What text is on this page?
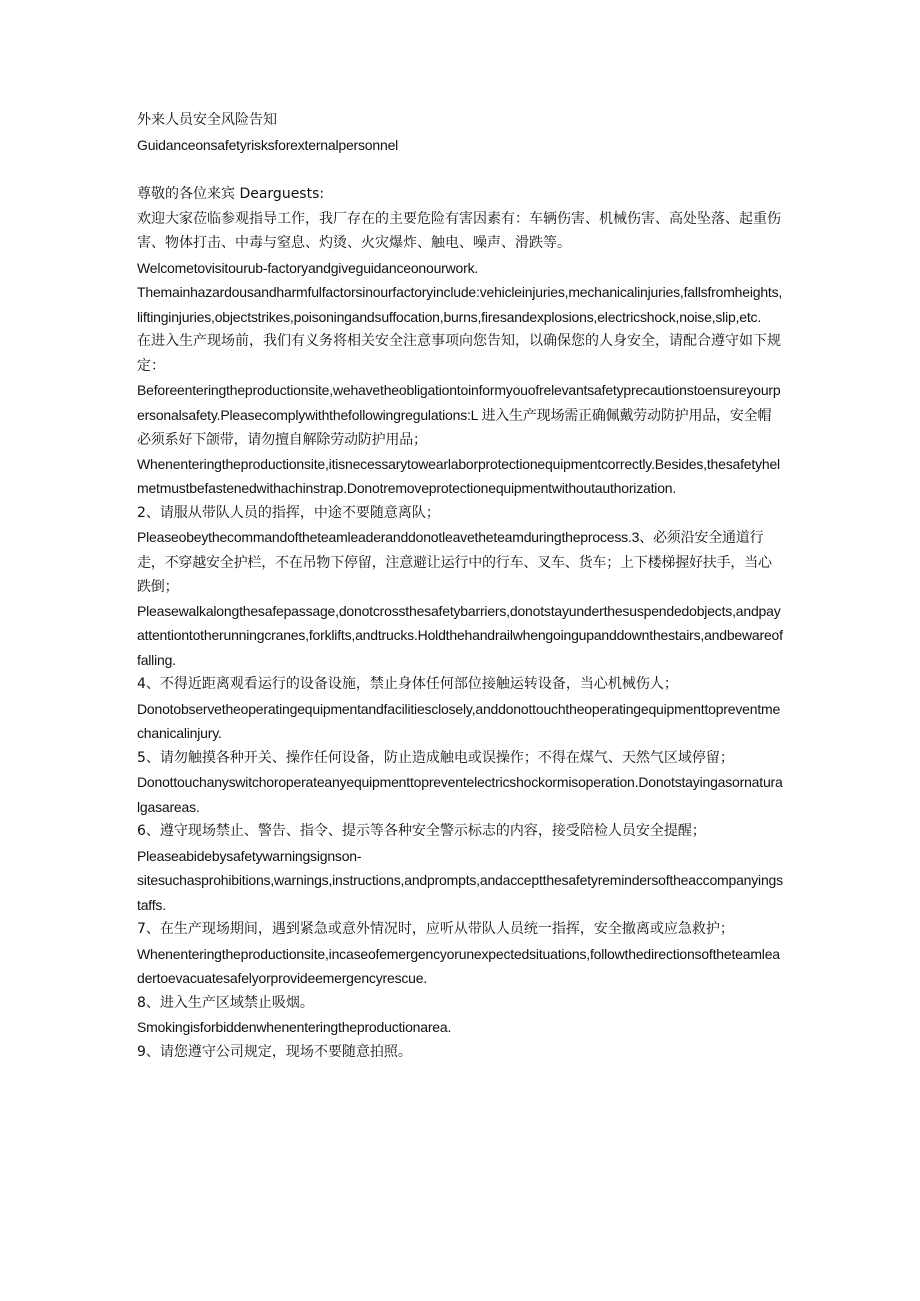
外来人员安全风险告知
Guidanceonsafetyrisksforexternalpersonnel
尊敬的各位来宾 Dearguests:
欢迎大家莅临参观指导工作，我厂存在的主要危险有害因素有：车辆伤害、机械伤害、高处坠落、起重伤害、物体打击、中毒与窒息、灼烫、火灾爆炸、触电、噪声、滑跌等。
Welcometovisitourub-factoryandgiveguidanceonourwork.
Themainhazardousandharmfulfactorsinourfactoryinclude:vehicleinjuries,mechanicalinjuries,fallsfromheights,liftinginjuries,objectstrikes,poisoningandsuffocation,burns,firesandexplosions,electricshock,noise,slip,etc.
在进入生产现场前，我们有义务将相关安全注意事项向您告知，以确保您的人身安全，请配合遵守如下规定：
Beforeenteringtheproductionsite,wehavetheobligationtoinformyouofrelevantsafetyprecautionstoensureyourpersonalsafety.Pleasecomplywiththefollowingregulations:L 进入生产现场需正确佩戴劳动防护用品，安全帽必须系好下颌带，请勿擅自解除劳动防护用品；
Whenenteringtheproductionsite,itisnecessarytowearlaborprotectionequipmentcorrectly.Besides,thesafetyhelmetmustbefastenedwithachinstrap.Donotremoveprotectionequipmentwithoutauthorization.
2、请服从带队人员的指挥，中途不要随意离队；
Pleaseobeythecommandoftheteamleaderanddonotleavetheteamduringtheprocess.3、必须沿安全通道行走，不穿越安全护栏，不在吊物下停留，注意避让运行中的行车、叉车、货车；上下楼梯握好扶手，当心跌倒；
Pleasewalkalongthesafepassage,donotcrossthesafetybarriers,donotstayunderthesuspendedobjects,andpayattentiontotherunningcranes,forklifts,andtrucks.Holdthehandrailwhengoingupanddownthestairs,andbewareoffalling.
4、不得近距离观看运行的设备设施，禁止身体任何部位接触运转设备，当心机械伤人；
Donotobservetheoperatingequipmentandfacilitiesclosely,anddonottouchtheoperatingequipmenttopreventmechanicalinjury.
5、请勿触摸各种开关、操作任何设备，防止造成触电或误操作；不得在煤气、天然气区域停留；
Donottouchanyswitchoroperateanyequipmenttopreventelectricshockormisoperation.Donotstayingasornaturalgasareas.
6、遵守现场禁止、警告、指令、提示等各种安全警示标志的内容，接受陪检人员安全提醒；
Pleaseabidebysafetywarningsignson-
sitesuchasprohibitions,warnings,instructions,andprompts,andacceptthesafetyremindersoftheaccompanyingstaffs.
7、在生产现场期间，遇到紧急或意外情况时，应听从带队人员统一指挥，安全撤离或应急救护；
Whenenteringtheproductionsite,incaseofemergencyorunexpectedsituations,followthedirectionsoftheteamleadertoevacuatesafelyorprovideemergencyrescue.
8、进入生产区域禁止吸烟。
Smokingisforbiddenwhenenteringtheproductionarea.
9、请您遵守公司规定，现场不要随意拍照。
